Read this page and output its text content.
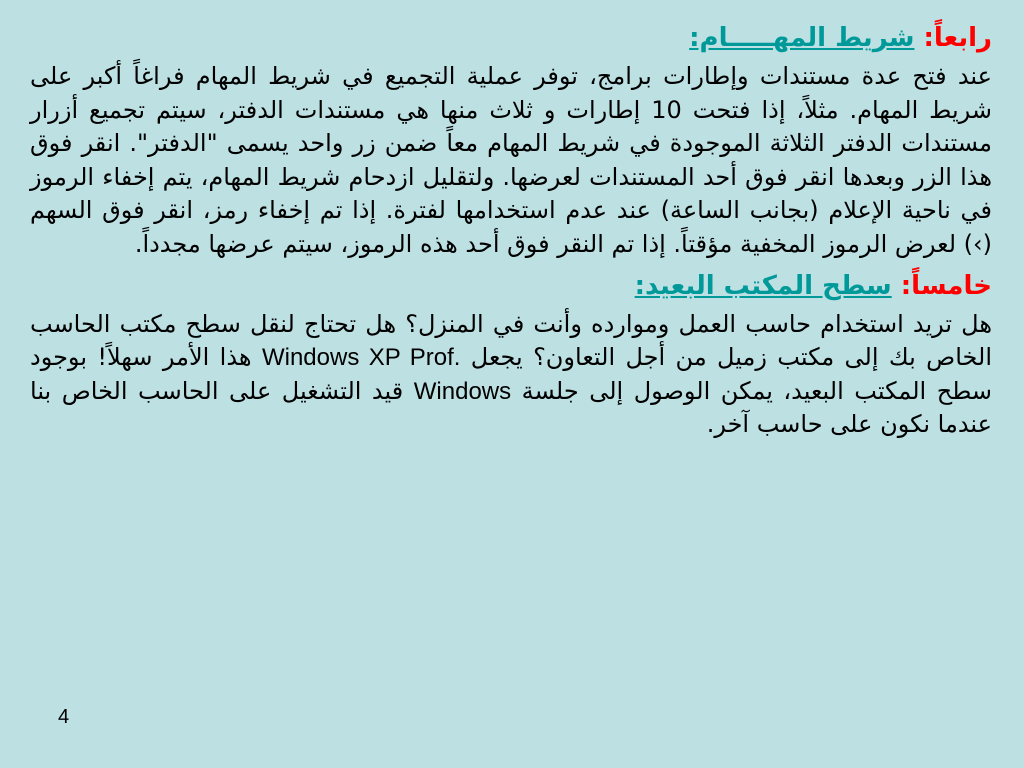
رابعاً: شريط المهـــــام:

عند فتح عدة مستندات وإطارات برامج، توفر عملية التجميع في شريط المهام فراغاً أكبر على شريط المهام. مثلاً، إذا فتحت 10 إطارات و ثلاث منها هي مستندات الدفتر، سيتم تجميع أزرار مستندات الدفتر الثلاثة الموجودة في شريط المهام معاً ضمن زر واحد يسمى "الدفتر". انقر فوق هذا الزر وبعدها انقر فوق أحد المستندات لعرضها. ولتقليل ازدحام شريط المهام، يتم إخفاء الرموز في ناحية الإعلام (بجانب الساعة) عند عدم استخدامها لفترة. إذا تم إخفاء رمز، انقر فوق السهم (›) لعرض الرموز المخفية مؤقتاً. إذا تم النقر فوق أحد هذه الرموز، سيتم عرضها مجدداً.

خامساً: سطح المكتب البعيد:

هل تريد استخدام حاسب العمل وموارده وأنت في المنزل؟ هل تحتاج لنقل سطح مكتب الحاسب الخاص بك إلى مكتب زميل من أجل التعاون؟ يجعل Windows XP Prof. هذا الأمر سهلاً! بوجود سطح المكتب البعيد، يمكن الوصول إلى جلسة Windows قيد التشغيل على الحاسب الخاص بنا عندما نكون على حاسب آخر.

4
